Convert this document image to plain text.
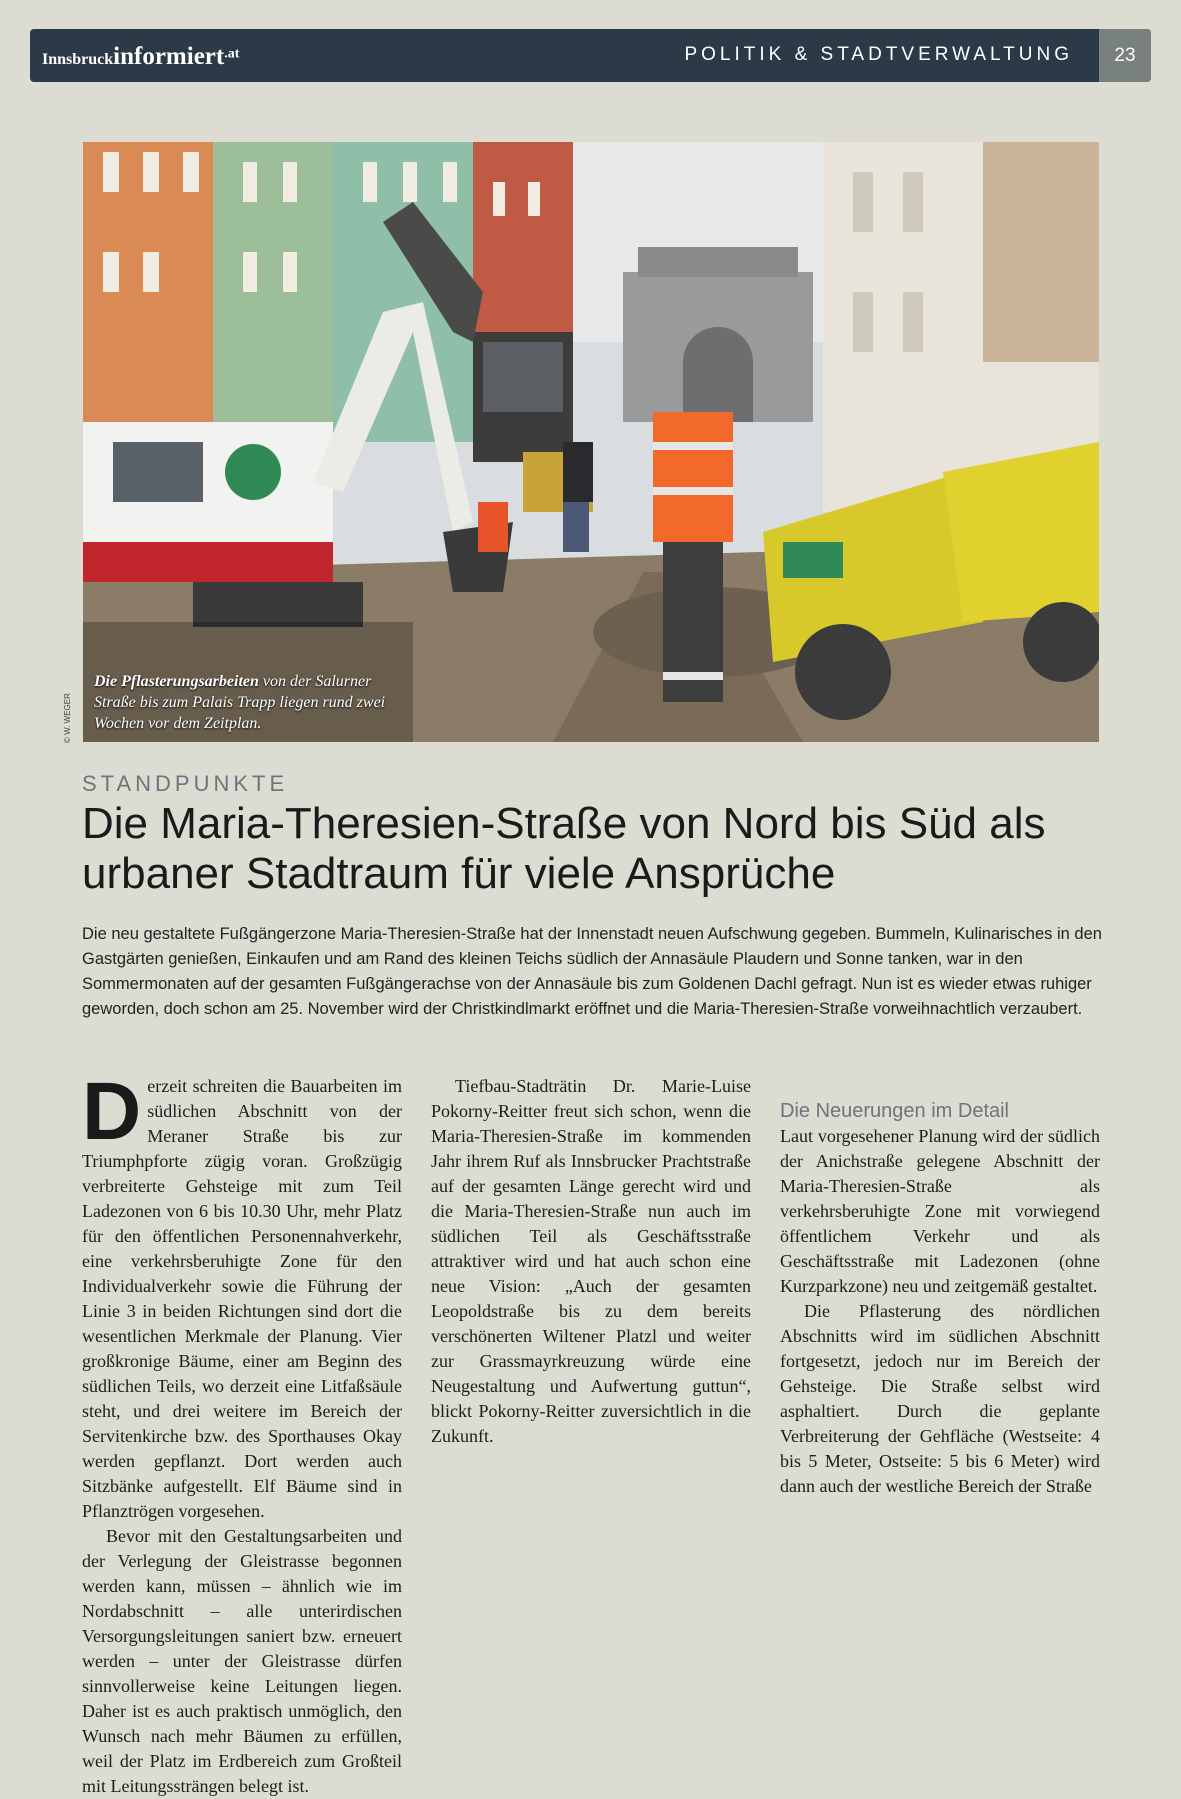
Innsbruckinformiert.at	POLITIK & STADTVERWALTUNG	23
Die Pflasterungsarbeiten von der Salurner Straße bis zum Palais Trapp liegen rund zwei Wochen vor dem Zeitplan.
© W. WEGER
STANDPUNKTE
Die Maria-Theresien-Straße von Nord bis Süd als urbaner Stadtraum für viele Ansprüche
Die neu gestaltete Fußgängerzone Maria-Theresien-Straße hat der Innenstadt neuen Aufschwung gegeben. Bummeln, Kulinarisches in den Gastgärten genießen, Einkaufen und am Rand des kleinen Teichs südlich der Annasäule Plaudern und Sonne tanken, war in den Sommermonaten auf der gesamten Fußgängerachse von der Annasäule bis zum Goldenen Dachl gefragt. Nun ist es wieder etwas ruhiger geworden, doch schon am 25. November wird der Christkindlmarkt eröffnet und die Maria-Theresien-Straße vorweihnachtlich verzaubert.
D erzeit schreiten die Bauarbeiten im südlichen Abschnitt von der Meraner Straße bis zur Triumphpforte zügig voran. Großzügig verbreiterte Gehsteige mit zum Teil Ladezonen von 6 bis 10.30 Uhr, mehr Platz für den öffentlichen Personennahverkehr, eine verkehrsberuhigte Zone für den Individualverkehr sowie die Führung der Linie 3 in beiden Richtungen sind dort die wesentlichen Merkmale der Planung. Vier großkronige Bäume, einer am Beginn des südlichen Teils, wo derzeit eine Litfaßsäule steht, und drei weitere im Bereich der Servitenkirche bzw. des Sporthauses Okay werden gepflanzt. Dort werden auch Sitzbänke aufgestellt. Elf Bäume sind in Pflanztrögen vorgesehen.

Bevor mit den Gestaltungsarbeiten und der Verlegung der Gleistrasse begonnen werden kann, müssen – ähnlich wie im Nordabschnitt – alle unterirdischen Versorgungsleitungen saniert bzw. erneuert werden – unter der Gleistrasse dürfen sinnvollerweise keine Leitungen liegen. Daher ist es auch praktisch unmöglich, den Wunsch nach mehr Bäumen zu erfüllen, weil der Platz im Erdbereich zum Großteil mit Leitungssträngen belegt ist.

Tiefbau-Stadträtin Dr. Marie-Luise Pokorny-Reitter freut sich schon, wenn die Maria-Theresien-Straße im kommenden Jahr ihrem Ruf als Innsbrucker Prachtstraße auf der gesamten Länge gerecht wird und die Maria-Theresien-Straße nun auch im südlichen Teil als Geschäftsstraße attraktiver wird und hat auch schon eine neue Vision: „Auch der gesamten Leopoldstraße bis zu dem bereits verschönerten Wiltener Platzl und weiter zur Grassmayrkreuzung würde eine Neugestaltung und Aufwertung guttun“, blickt Pokorny-Reitter zuversichtlich in die Zukunft.

Die Neuerungen im Detail

Laut vorgesehener Planung wird der südlich der Anichstraße gelegene Abschnitt der Maria-Theresien-Straße als verkehrsberuhigte Zone mit vorwiegend öffentlichem Verkehr und als Geschäftsstraße mit Ladezonen (ohne Kurzparkzone) neu und zeitgemäß gestaltet.

Die Pflasterung des nördlichen Abschnitts wird im südlichen Abschnitt fortgesetzt, jedoch nur im Bereich der Gehsteige. Die Straße selbst wird asphaltiert. Durch die geplante Verbreiterung der Gehfläche (Westseite: 4 bis 5 Meter, Ostseite: 5 bis 6 Meter) wird dann auch der westliche Bereich der Straße
